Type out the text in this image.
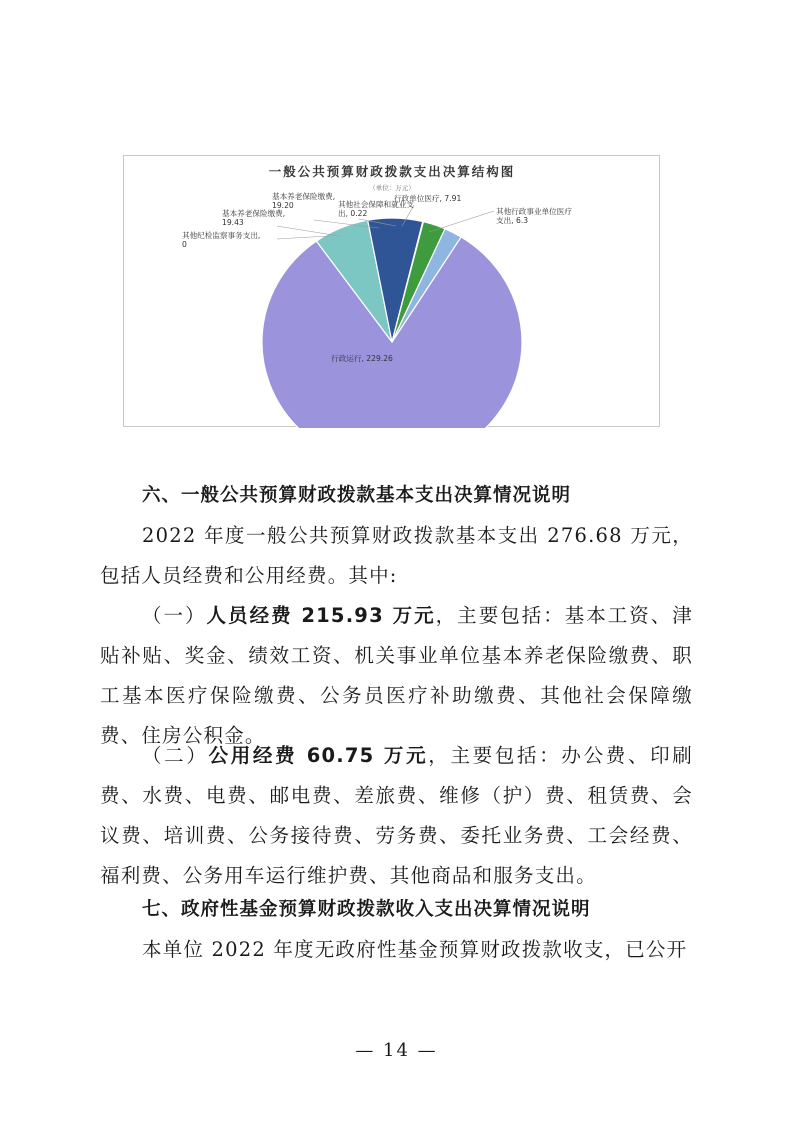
一般公共预算财政拨款支出决算结构图
（单位：万元）
行政运行, 229.26
其他纪检监察事务支出, 0
基本养老保险缴费, 19.43
基本养老保险缴费, 19.20	其他社会保障和就业支出, 0.22
行政单位医疗, 7.91
其他行政事业单位医疗支出, 6.3

六、一般公共预算财政拨款基本支出决算情况说明

2022 年度一般公共预算财政拨款基本支出 276.68 万元，包括人员经费和公用经费。其中:

（一）人员经费 215.93 万元，主要包括：基本工资、津贴补贴、奖金、绩效工资、机关事业单位基本养老保险缴费、职工基本医疗保险缴费、公务员医疗补助缴费、其他社会保障缴费、住房公积金。

（二）公用经费 60.75 万元，主要包括：办公费、印刷费、水费、电费、邮电费、差旅费、维修（护）费、租赁费、会议费、培训费、公务接待费、劳务费、委托业务费、工会经费、福利费、公务用车运行维护费、其他商品和服务支出。

七、政府性基金预算财政拨款收入支出决算情况说明

本单位 2022 年度无政府性基金预算财政拨款收支，已公开

— 14 —
